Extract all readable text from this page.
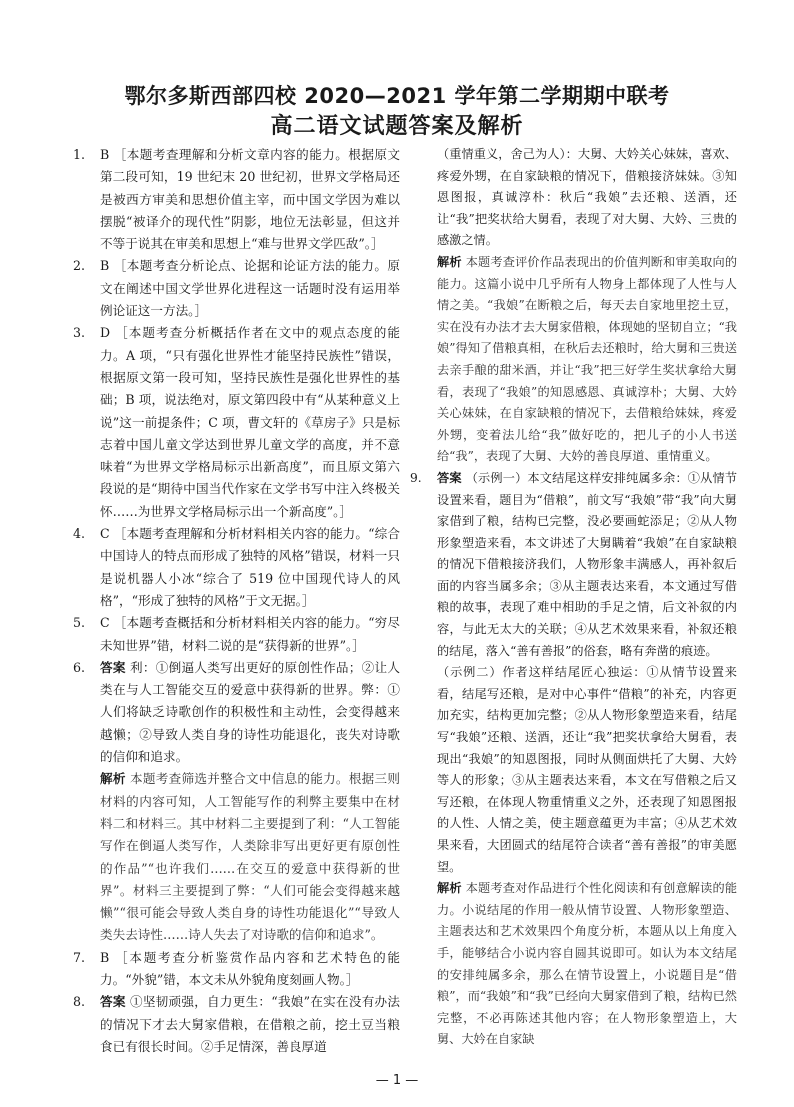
鄂尔多斯西部四校 2020—2021 学年第二学期期中联考
高二语文试题答案及解析
1. B ［本题考查理解和分析文章内容的能力。根据原文第二段可知，19 世纪末 20 世纪初，世界文学格局还是被西方审美和思想价值主宰，而中国文学因为难以摆脱“被译介的现代性”阴影，地位无法彰显，但这并不等于说其在审美和思想上“难与世界文学匹敌”。］
2. B ［本题考查分析论点、论据和论证方法的能力。原文在阐述中国文学世界化进程这一话题时没有运用举例论证这一方法。］
3. D ［本题考查分析概括作者在文中的观点态度的能力。A 项，“只有强化世界性才能坚持民族性”错误，根据原文第一段可知，坚持民族性是强化世界性的基础；B 项，说法绝对，原文第四段中有“从某种意义上说”这一前提条件；C 项，曹文轩的《草房子》只是标志着中国儿童文学达到世界儿童文学的高度，并不意味着“为世界文学格局标示出新高度”，而且原文第六段说的是“期待中国当代作家在文学书写中注入终极关怀……为世界文学格局标示出一个新高度”。］
4. C ［本题考查理解和分析材料相关内容的能力。“综合中国诗人的特点而形成了独特的风格”错误，材料一只是说机器人小冰“综合了 519 位中国现代诗人的风格”，“形成了独特的风格”于文无据。］
5. C ［本题考查概括和分析材料相关内容的能力。“穷尽未知世界”错，材料二说的是“获得新的世界”。］
6. 答案 利：①倒逼人类写出更好的原创性作品；②让人类在与人工智能交互的爱意中获得新的世界。弊：①人们将缺乏诗歌创作的积极性和主动性，会变得越来越懒；②导致人类自身的诗性功能退化，丧失对诗歌的信仰和追求。
解析 本题考查筛选并整合文中信息的能力。根据三则材料的内容可知，人工智能写作的利弊主要集中在材料二和材料三。其中材料二主要提到了利：“人工智能写作在倒逼人类写作，人类除非写出更好更有原创性的作品”“也许我们……在交互的爱意中获得新的世界”。材料三主要提到了弊：“人们可能会变得越来越懒”“很可能会导致人类自身的诗性功能退化”“导致人类失去诗性……诗人失去了对诗歌的信仰和追求”。
7. B ［本题考查分析鉴赏作品内容和艺术特色的能力。“外貌”错，本文未从外貌角度刻画人物。］
8. 答案 ①坚韧顽强，自力更生：“我娘”在实在没有办法的情况下才去大舅家借粮，在借粮之前，挖土豆当粮食已有很长时间。②手足情深，善良厚道
（重情重义，舍己为人）：大舅、大妗关心妹妹，喜欢、疼爱外甥，在自家缺粮的情况下，借粮接济妹妹。③知恩图报，真诚淳朴：秋后“我娘”去还粮、送酒，还让“我”把奖状给大舅看，表现了对大舅、大妗、三贵的感激之情。
解析 本题考查评价作品表现出的价值判断和审美取向的能力。这篇小说中几乎所有人物身上都体现了人性与人情之美。“我娘”在断粮之后，每天去自家地里挖土豆，实在没有办法才去大舅家借粮，体现她的坚韧自立；“我娘”得知了借粮真相，在秋后去还粮时，给大舅和三贵送去亲手酿的甜米酒，并让“我”把三好学生奖状拿给大舅看，表现了“我娘”的知恩感恩、真诚淳朴；大舅、大妗关心妹妹，在自家缺粮的情况下，去借粮给妹妹，疼爱外甥，变着法儿给“我”做好吃的，把儿子的小人书送给“我”，表现了大舅、大妗的善良厚道、重情重义。
9. 答案 （示例一）本文结尾这样安排纯属多余：①从情节设置来看，题目为“借粮”，前文写“我娘”带“我”向大舅家借到了粮，结构已完整，没必要画蛇添足；②从人物形象塑造来看，本文讲述了大舅瞒着“我娘”在自家缺粮的情况下借粮接济我们，人物形象丰满感人，再补叙后面的内容当属多余；③从主题表达来看，本文通过写借粮的故事，表现了难中相助的手足之情，后文补叙的内容，与此无太大的关联；④从艺术效果来看，补叙还粮的结尾，落入“善有善报”的俗套，略有奔凿的痕迹。
（示例二）作者这样结尾匠心独运：①从情节设置来看，结尾写还粮，是对中心事件“借粮”的补充，内容更加充实，结构更加完整；②从人物形象塑造来看，结尾写“我娘”还粮、送酒，还让“我”把奖状拿给大舅看，表现出“我娘”的知恩图报，同时从侧面烘托了大舅、大妗等人的形象；③从主题表达来看，本文在写借粮之后又写还粮，在体现人物重情重义之外，还表现了知恩图报的人性、人情之美，使主题意蕴更为丰富；④从艺术效果来看，大团圆式的结尾符合读者“善有善报”的审美愿望。
解析 本题考查对作品进行个性化阅读和有创意解读的能力。小说结尾的作用一般从情节设置、人物形象塑造、主题表达和艺术效果四个角度分析，本题从以上角度入手，能够结合小说内容自圆其说即可。如认为本文结尾的安排纯属多余，那么在情节设置上，小说题目是“借粮”，而“我娘”和“我”已经向大舅家借到了粮，结构已然完整，不必再陈述其他内容；在人物形象塑造上，大舅、大妗在自家缺
— 1 —
